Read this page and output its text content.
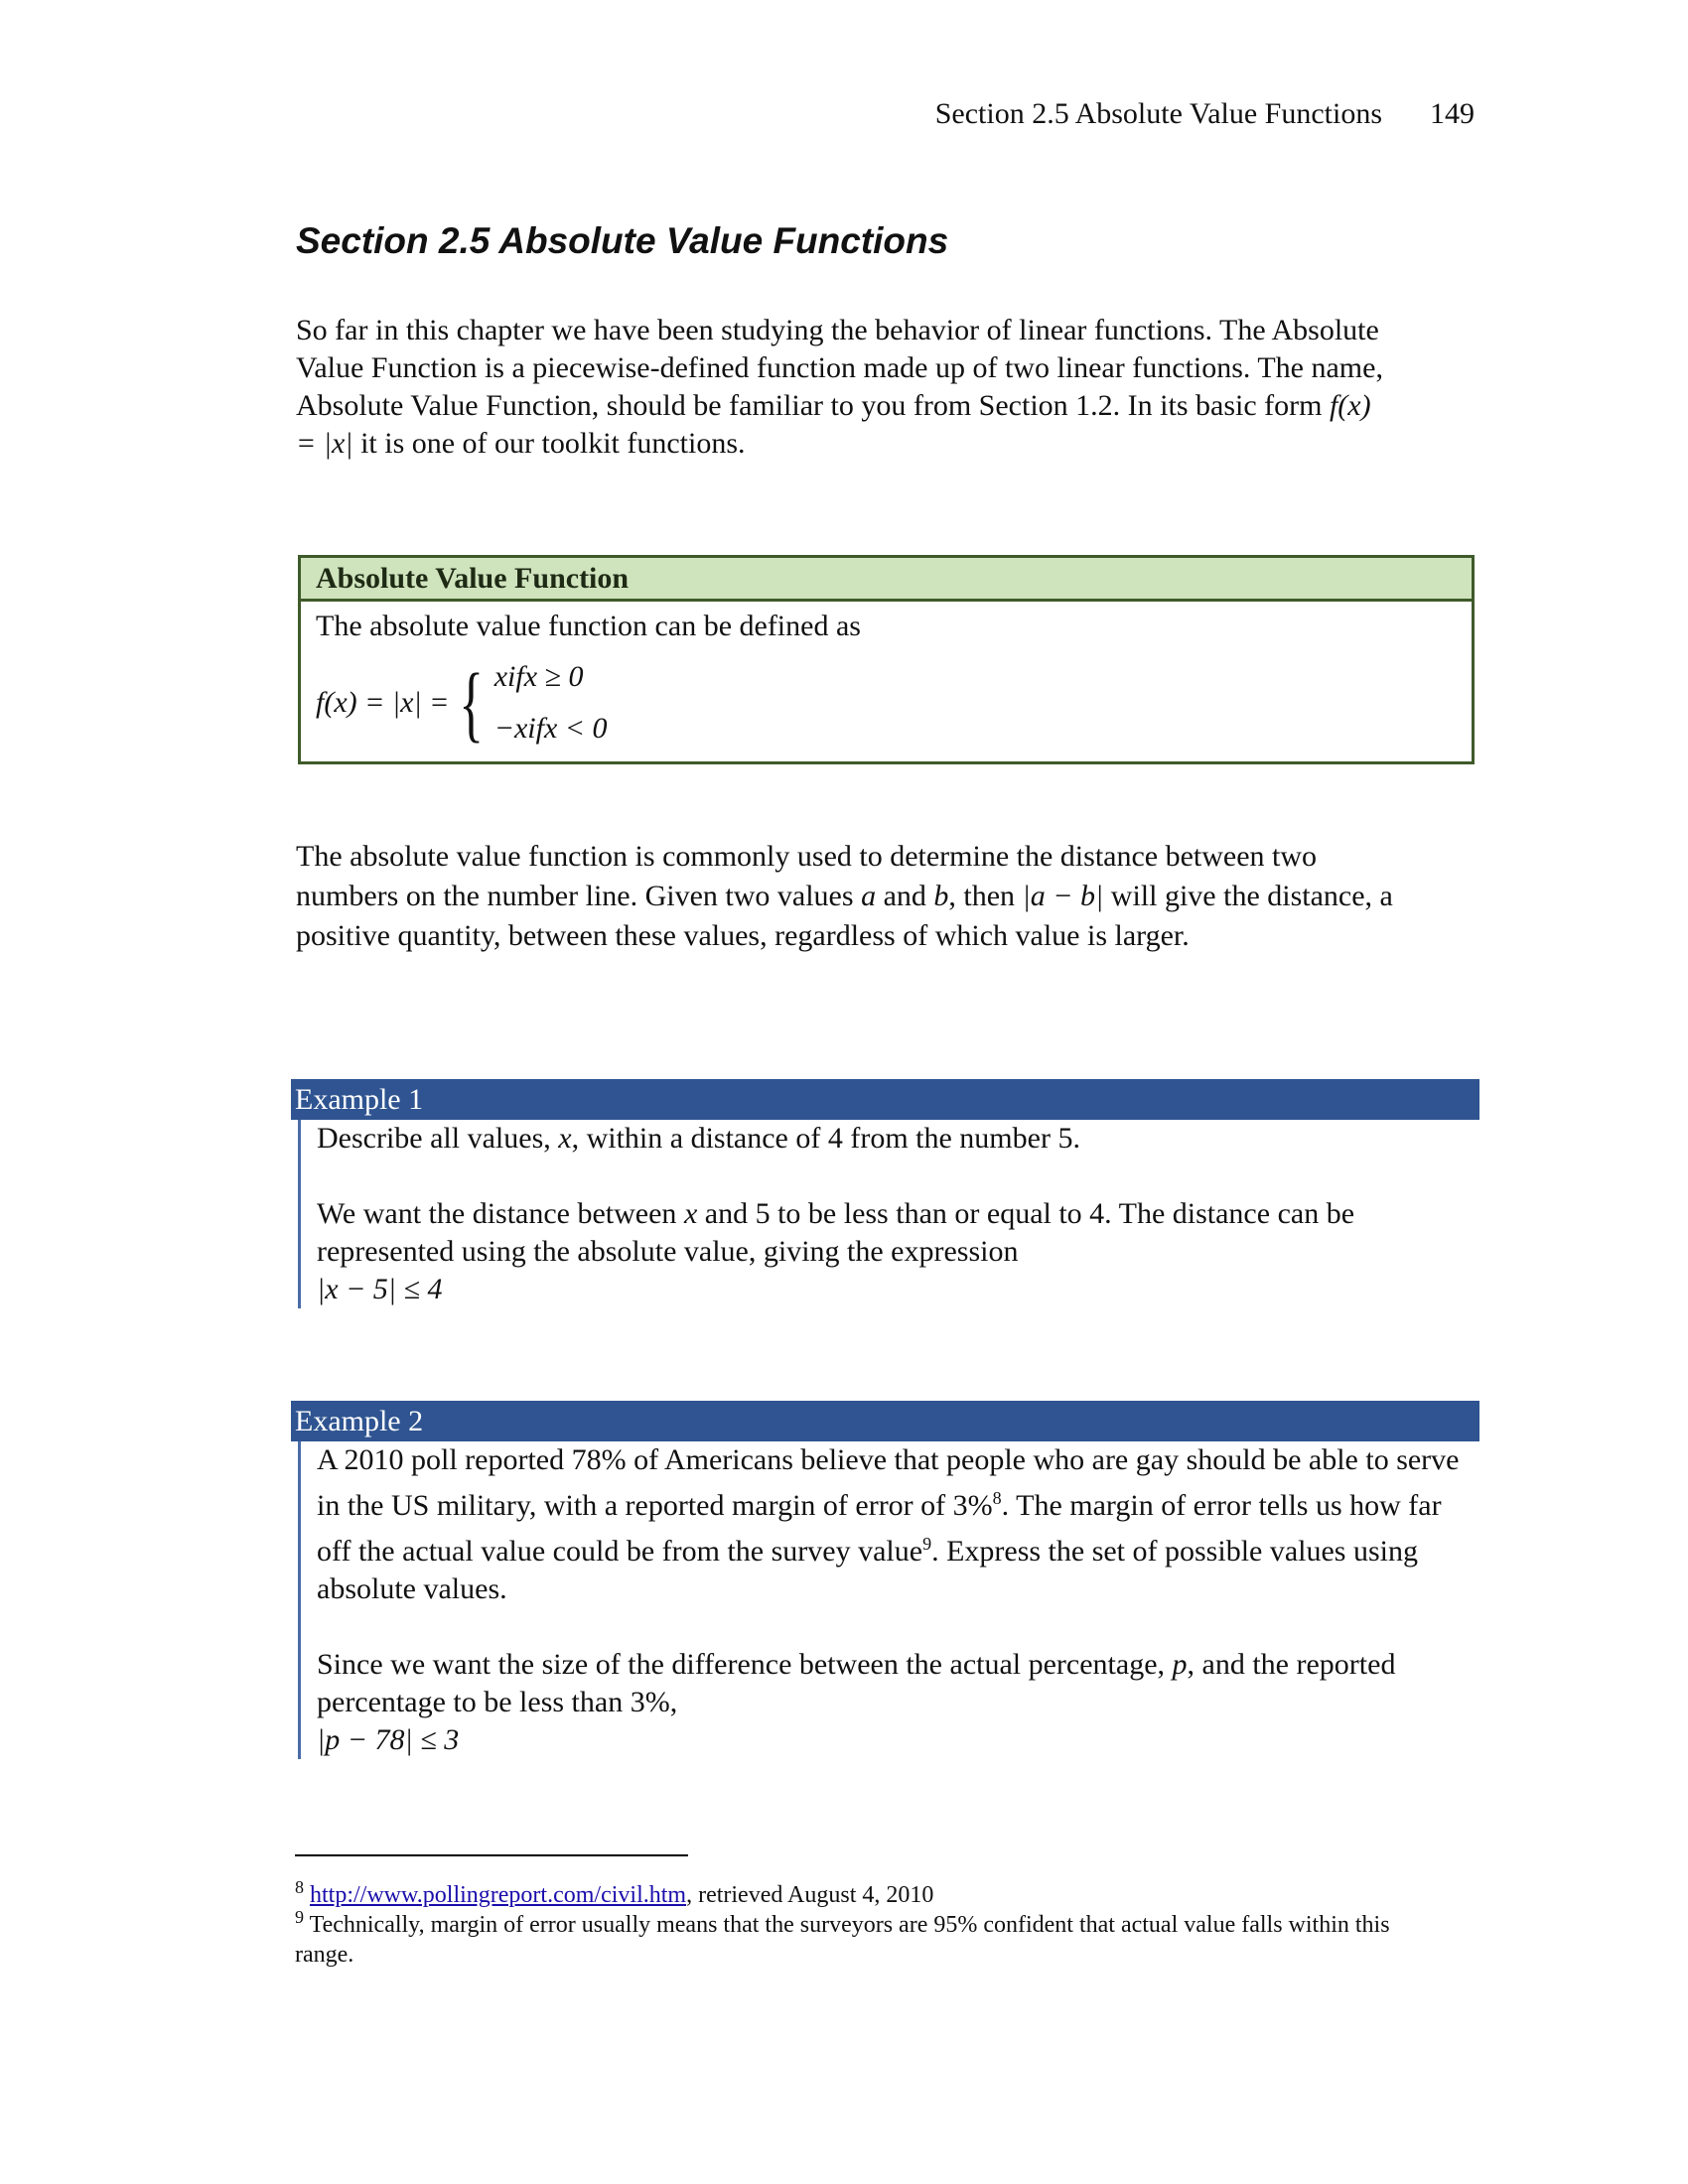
Section 2.5 Absolute Value Functions 149
Section 2.5 Absolute Value Functions
So far in this chapter we have been studying the behavior of linear functions. The Absolute Value Function is a piecewise-defined function made up of two linear functions. The name, Absolute Value Function, should be familiar to you from Section 1.2. In its basic form f(x) = |x| it is one of our toolkit functions.
Absolute Value Function
The absolute value function can be defined as
f(x) = |x| = { xifx ≥ 0
−xifx < 0
The absolute value function is commonly used to determine the distance between two numbers on the number line. Given two values a and b, then |a − b| will give the distance, a positive quantity, between these values, regardless of which value is larger.
Example 1
Describe all values, x, within a distance of 4 from the number 5.
We want the distance between x and 5 to be less than or equal to 4. The distance can be represented using the absolute value, giving the expression
|x − 5| ≤ 4
Example 2
A 2010 poll reported 78% of Americans believe that people who are gay should be able to serve in the US military, with a reported margin of error of 3%$^8$. The margin of error tells us how far off the actual value could be from the survey value$^9$. Express the set of possible values using absolute values.
Since we want the size of the difference between the actual percentage, p, and the reported percentage to be less than 3%,
|p − 78| ≤ 3
$^8$ http://www.pollingreport.com/civil.htm, retrieved August 4, 2010
$^9$ Technically, margin of error usually means that the surveyors are 95% confident that actual value falls within this range.
